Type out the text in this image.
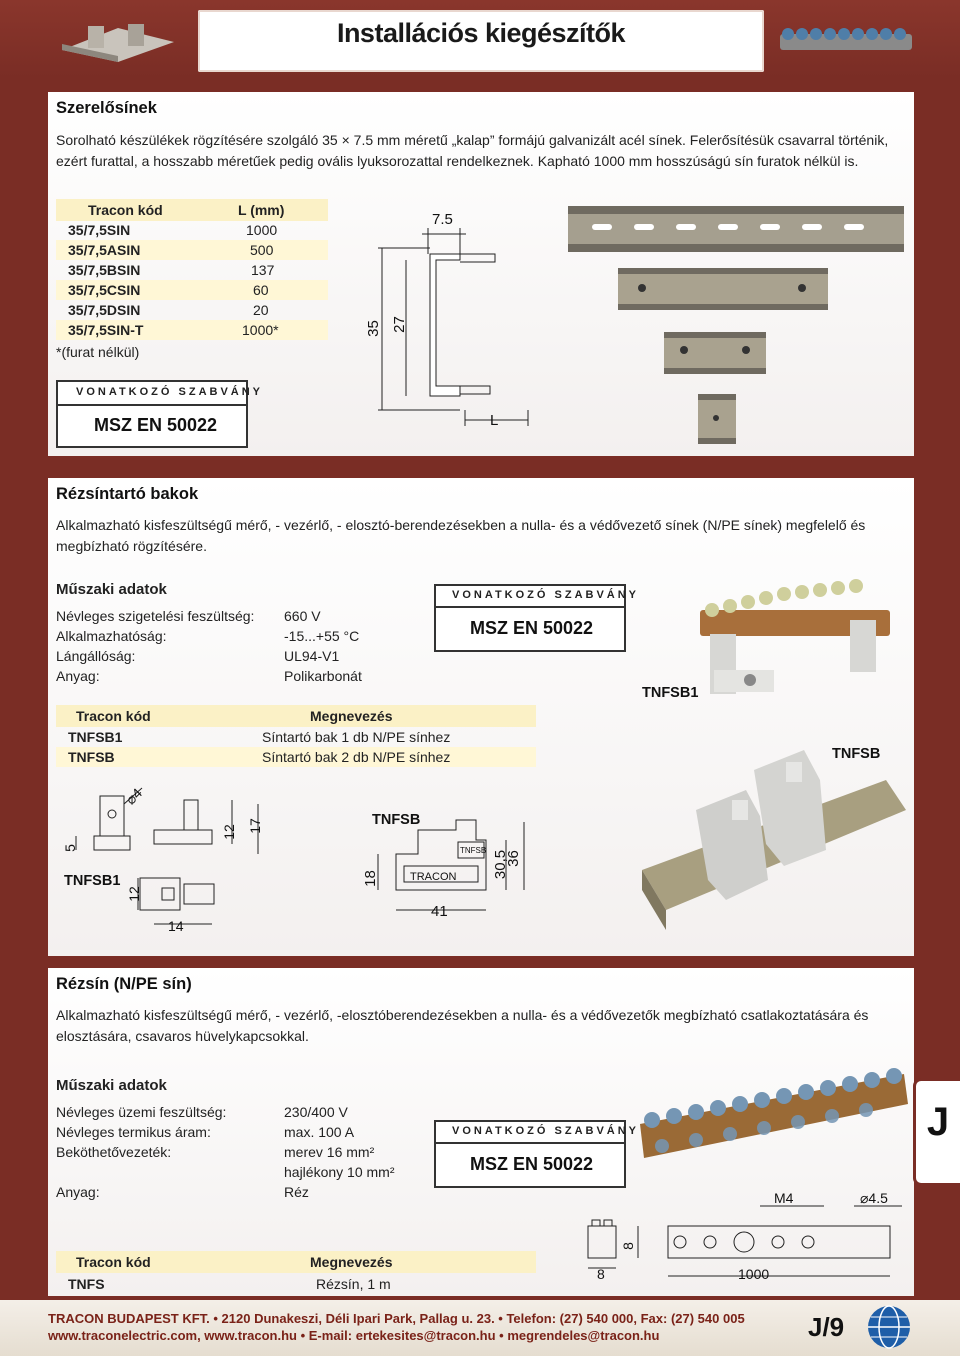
Installációs kiegészítők
Szerelősínek
Sorolható készülékek rögzítésére szolgáló 35 × 7.5 mm méretű „kalap” formájú galvanizált acél sínek. Felerősítésük csavarral történik, ezért furattal, a hosszabb méretűek pedig ovális lyuksorozattal rendelkeznek. Kapható 1000 mm hosszúságú sín furatok nélkül is.
Tracon kód	L (mm)
35/7,5SIN	1000
35/7,5ASIN	500
35/7,5BSIN	137
35/7,5CSIN	60
35/7,5DSIN	20
35/7,5SIN-T	1000*
*(furat nélkül)
VONATKOZÓ SZABVÁNY
MSZ EN 50022
7.5
35 27
L
Rézsíntartó bakok
Alkalmazható kisfeszültségű mérő, - vezérlő, - elosztó-berendezésekben a nulla- és a védővezető sínek (N/PE sínek) megfelelő és megbízható rögzítésére.
Műszaki adatok
Névleges szigetelési feszültség: 660 V
Alkalmazhatóság:	-15...+55 °C
Lángállóság:	UL94-V1
Anyag:	Polikarbonát
Tracon kód	Megnevezés
TNFSB1	Síntartó bak 1 db N/PE sínhez
TNFSB	Síntartó bak 2 db N/PE sínhez
VONATKOZÓ SZABVÁNY
MSZ EN 50022
TNFSB1
TNFSB
⌀4
5
12 17
12
14
TNFSB1
TNFSB
TNFSB
TRACON
18	30,5
36
41
Rézsín (N/PE sín)
Alkalmazható kisfeszültségű mérő, - vezérlő, -elosztóberendezésekben a nulla- és a védővezetők megbízható csatlakoztatására és elosztására, csavaros hüvelykapcsokkal.
Műszaki adatok
Névleges üzemi feszültség:	230/400 V
Névleges termikus áram:	max. 100 A
Beköthetővezeték:	merev 16 mm²
hajlékony 10 mm²
Anyag:	Réz
Tracon kód	Megnevezés
TNFS	Rézsín, 1 m
VONATKOZÓ SZABVÁNY
MSZ EN 50022
M4	⌀4.5
8
8	1000
J
TRACON BUDAPEST KFT. • 2120 Dunakeszi, Déli Ipari Park, Pallag u. 23. • Telefon: (27) 540 000, Fax: (27) 540 005
www.traconelectric.com, www.tracon.hu • E-mail: ertekesites@tracon.hu • megrendeles@tracon.hu	J/9
